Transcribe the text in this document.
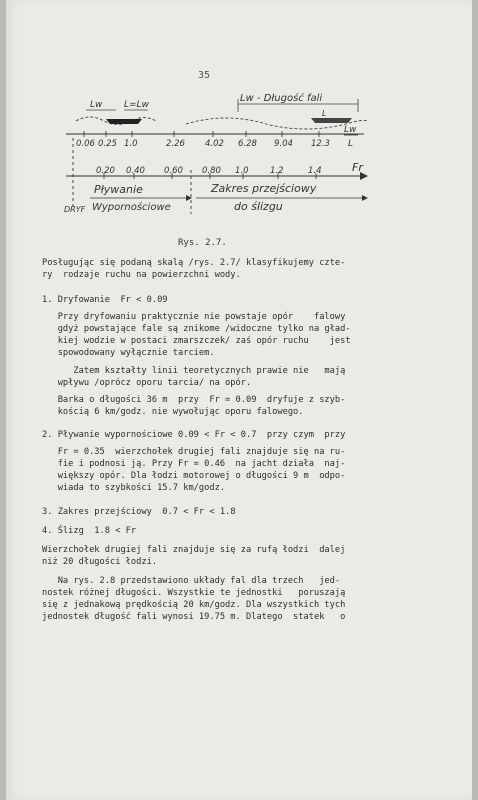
35
Lw L=Lw
Lw - Długość fali
L
Lw
L
0.06 0.25 1.0	2.26 4.02 6.28 9.04 12.3
Fr
0.20 0.40 0.60 0.80 1.0	1.2	1.4
Pływanie
Wypornościowe
DRYF
Zakres przejściowy
do ślizgu
Rys. 2.7.
Posługując się podaną skalą /rys. 2.7/ klasyfikujemy czte-
ry  rodzaje ruchu na powierzchni wody.
1. Dryfowanie  Fr < 0.09
Przy dryfowaniu praktycznie nie powstaje opór    falowy
gdyż powstające fale są znikome /widoczne tylko na gład-
kiej wodzie w postaci zmarszczek/ zaś opór ruchu    jest
spowodowany wyłącznie tarciem.
Zatem kształty linii teoretycznych prawie nie   mają
wpływu /oprócz oporu tarcia/ na opór.
Barka o długości 36 m  przy  Fr = 0.09  dryfuje z szyb-
kością 6 km/godz. nie wywołując oporu falowego.
2. Pływanie wypornościowe 0.09 < Fr < 0.7  przy czym  przy
Fr = 0.35  wierzchołek drugiej fali znajduje się na ru-
fie i podnosi ją. Przy Fr = 0.46  na jacht działa  naj-
większy opór. Dla łodzi motorowej o długości 9 m  odpo-
wiada to szybkości 15.7 km/godz.
3. Zakres przejściowy  0.7 < Fr < 1.8
4. Ślizg  1.8 < Fr
Wierzchołek drugiej fali znajduje się za rufą łodzi  dalej
niż 20 długości łodzi.
Na rys. 2.8 przedstawiono układy fal dla trzech   jed-
nostek różnej długości. Wszystkie te jednostki   poruszają
się z jednakową prędkością 20 km/godz. Dla wszystkich tych
jednostek długość fali wynosi 19.75 m. Dlatego  statek   o
